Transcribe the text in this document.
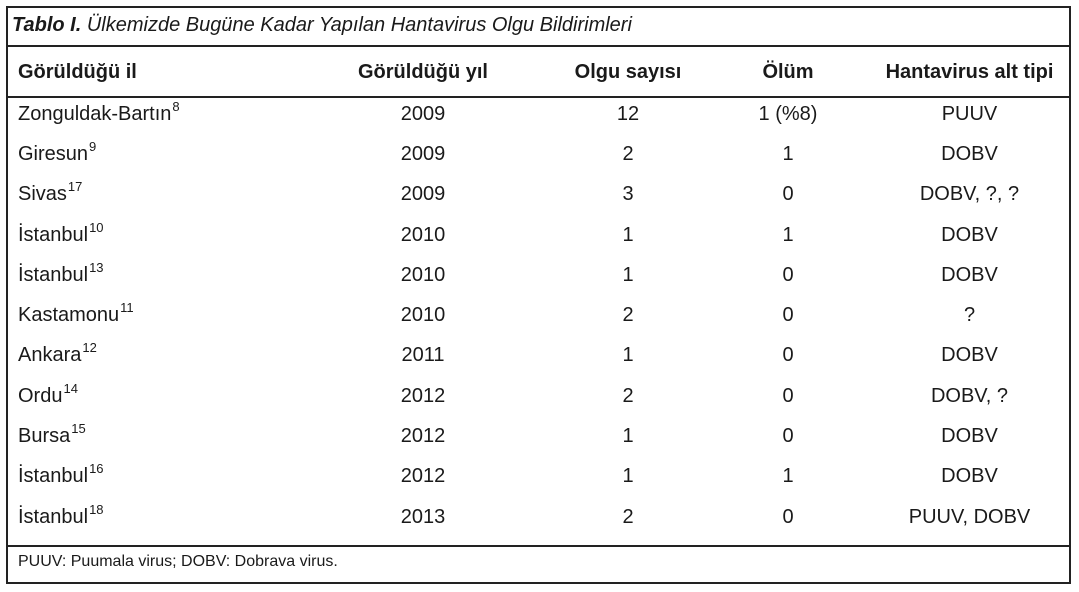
Tablo I. Ülkemizde Bugüne Kadar Yapılan Hantavirus Olgu Bildirimleri
Görüldüğü il	Görüldüğü yıl	Olgu sayısı	Ölüm	Hantavirus alt tipi
Zonguldak-Bartın$^8$	2009	12	1 (%8)	PUUV
Giresun$^9$	2009	2	1	DOBV
Sivas$^{17}$	2009	3	0	DOBV, ?, ?
İstanbul$^{10}$	2010	1	1	DOBV
İstanbul$^{13}$	2010	1	0	DOBV
Kastamonu$^{11}$	2010	2	0	?
Ankara$^{12}$	2011	1	0	DOBV
Ordu$^{14}$	2012	2	0	DOBV, ?
Bursa$^{15}$	2012	1	0	DOBV
İstanbul$^{16}$	2012	1	1	DOBV
İstanbul$^{18}$	2013	2	0	PUUV, DOBV
PUUV: Puumala virus; DOBV: Dobrava virus.
